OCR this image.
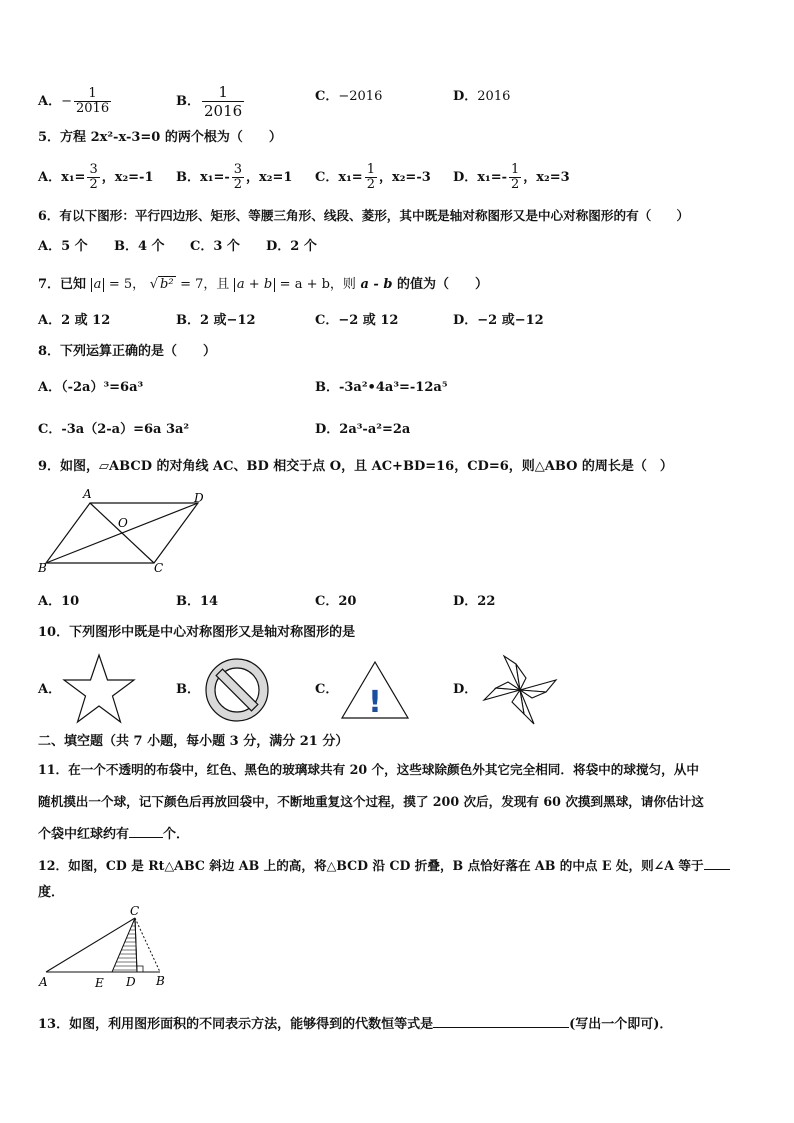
A．− $\frac{1}{2016}$	B． $\frac{1}{2016}$	C．−2016	D．2016
5．方程 2x²-x-3=0 的两个根为（　　）
A．$x_1= \frac{3}{2}$ ，x₂=-1 B．$x_1=- \frac{3}{2}$ ，x₂=1 C．$x_1= \frac{1}{2}$ ，x₂=-3 D．$x_1=- \frac{1}{2}$ ，x₂=3
6．有以下图形：平行四边形、矩形、等腰三角形、线段、菱形，其中既是轴对称图形又是中心对称图形的有（　　）
A．5 个 B．4 个 C．3 个 D．2 个
7．已知 a = 5， √ b² = 7，且 a + b = a + b，则 a - b 的值为（　　）
A．2 或 12	B．2 或−12	C．−2 或 12	D．−2 或−12
8．下列运算正确的是（　　）
A．（-2a）³=6a³	B．-3a²•4a³=-12a⁵
C．-3a（2-a）=6a 3a²	D．2a³-a²=2a
9．如图，▱ABCD 的对角线 AC、BD 相交于点 O，且 AC+BD=16，CD=6，则△ABO 的周长是（　）
A	D
O
B	C
A．10	B．14	C．20	D．22
10．下列图形中既是中心对称图形又是轴对称图形的是
A．	B．	C． !	D．
二、填空题（共 7 小题，每小题 3 分，满分 21 分）
11．在一个不透明的布袋中，红色、黑色的玻璃球共有 20 个，这些球除颜色外其它完全相同．将袋中的球搅匀，从中
随机摸出一个球，记下颜色后再放回袋中，不断地重复这个过程，摸了 200 次后，发现有 60 次摸到黑球，请你估计这
个袋中红球约有	个．
12．如图，CD 是 Rt△ABC 斜边 AB 上的高，将△BCD 沿 CD 折叠，B 点恰好落在 AB 的中点 E 处，则∠A 等于
度．
C
A	E D B
13．如图，利用图形面积的不同表示方法，能够得到的代数恒等式是	(写出一个即可)．
